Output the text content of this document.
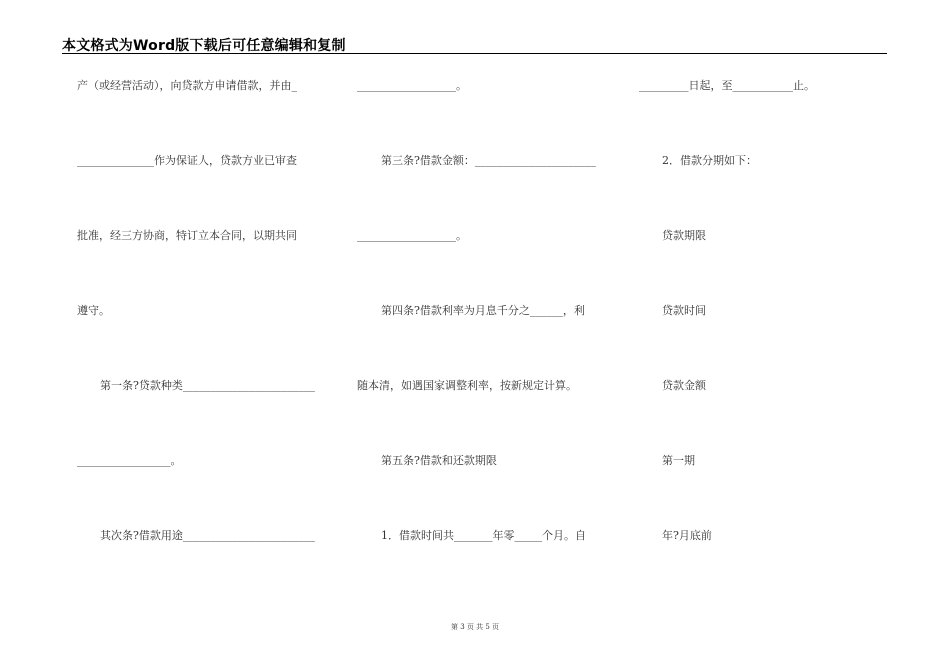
本文格式为Word版下载后可任意编辑和复制
产（或经营活动），向贷款方申请借款，并由_
______________作为保证人，贷款方业已审查
批准，经三方协商，特订立本合同，以期共同
遵守。
第一条?贷款种类________________________
_________________。
其次条?借款用途________________________
__________________。
第三条?借款金额：______________________
__________________。
第四条?借款利率为月息千分之______，利
随本清，如遇国家调整利率，按新规定计算。
第五条?借款和还款期限
1．借款时间共_______年零_____个月。自
_________日起，至___________止。
2．借款分期如下：
贷款期限
贷款时间
贷款金额
第一期
年?月底前
第 3 页 共 5 页
